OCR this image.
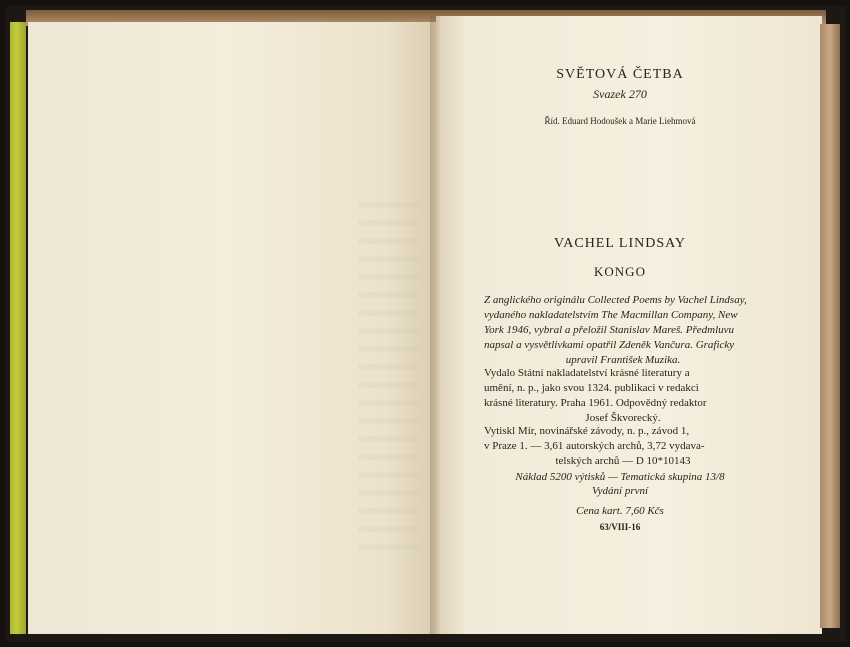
SVĚTOVÁ ČETBA
Svazek 270
Říd. Eduard Hodoušek a Marie Liehmová
VACHEL LINDSAY
KONGO
Z anglického originálu Collected Poems by Vachel Lindsay,
vydaného nakladatelstvím The Macmillan Company, New
York 1946, vybral a přeložil Stanislav Mareš. Předmluvu
napsal a vysvětlivkami opatřil Zdeněk Vančura. Graficky
upravil František Muzika.
Vydalo Státní nakladatelství krásné literatury a
umění, n. p., jako svou 1324. publikaci v redakci
krásné literatury. Praha 1961. Odpovědný redaktor
Josef Škvorecký.
Vytiskl Mír, novinářské závody, n. p., závod 1,
v Praze 1. — 3,61 autorských archů, 3,72 vydava-
telských archů — D 10*10143
Náklad 5200 výtisků — Tematická skupina 13/8
Vydání první
Cena kart. 7,60 Kčs
63/VIII-16
